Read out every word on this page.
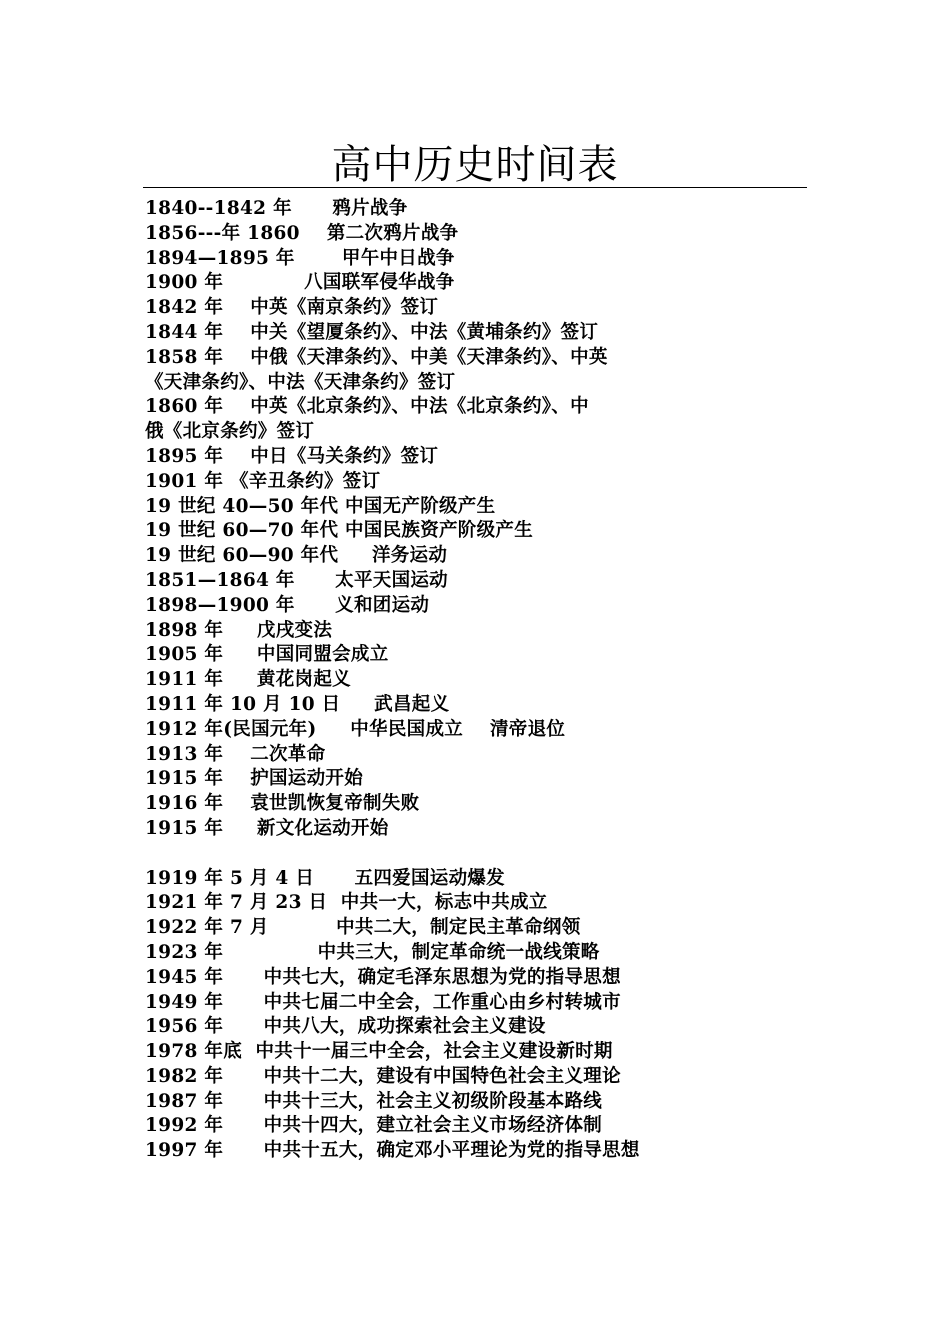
高中历史时间表
1840--1842 年      鸦片战争
1856---年 1860    第二次鸦片战争
1894—1895 年       甲午中日战争
1900 年            八国联军侵华战争
1842 年    中英《南京条约》签订
1844 年    中关《望厦条约》、中法《黄埔条约》签订
1858 年    中俄《天津条约》、中美《天津条约》、中英
《天津条约》、中法《天津条约》签订
1860 年    中英《北京条约》、中法《北京条约》、中
俄《北京条约》签订
1895 年    中日《马关条约》签订
1901 年 《辛丑条约》签订
19 世纪 40—50 年代 中国无产阶级产生
19 世纪 60—70 年代 中国民族资产阶级产生
19 世纪 60—90 年代     洋务运动
1851—1864 年      太平天国运动
1898—1900 年      义和团运动
1898 年     戊戌变法
1905 年     中国同盟会成立
1911 年     黄花岗起义
1911 年 10 月 10 日     武昌起义
1912 年(民国元年)     中华民国成立    清帝退位
1913 年    二次革命
1915 年    护国运动开始
1916 年    袁世凯恢复帝制失败
1915 年     新文化运动开始
1919 年 5 月 4 日      五四爱国运动爆发
1921 年 7 月 23 日  中共一大，标志中共成立
1922 年 7 月          中共二大，制定民主革命纲领
1923 年              中共三大，制定革命统一战线策略
1945 年      中共七大，确定毛泽东思想为党的指导思想
1949 年      中共七届二中全会，工作重心由乡村转城市
1956 年      中共八大，成功探索社会主义建设
1978 年底  中共十一届三中全会，社会主义建设新时期
1982 年      中共十二大，建设有中国特色社会主义理论
1987 年      中共十三大，社会主义初级阶段基本路线
1992 年      中共十四大，建立社会主义市场经济体制
1997 年      中共十五大，确定邓小平理论为党的指导思想
